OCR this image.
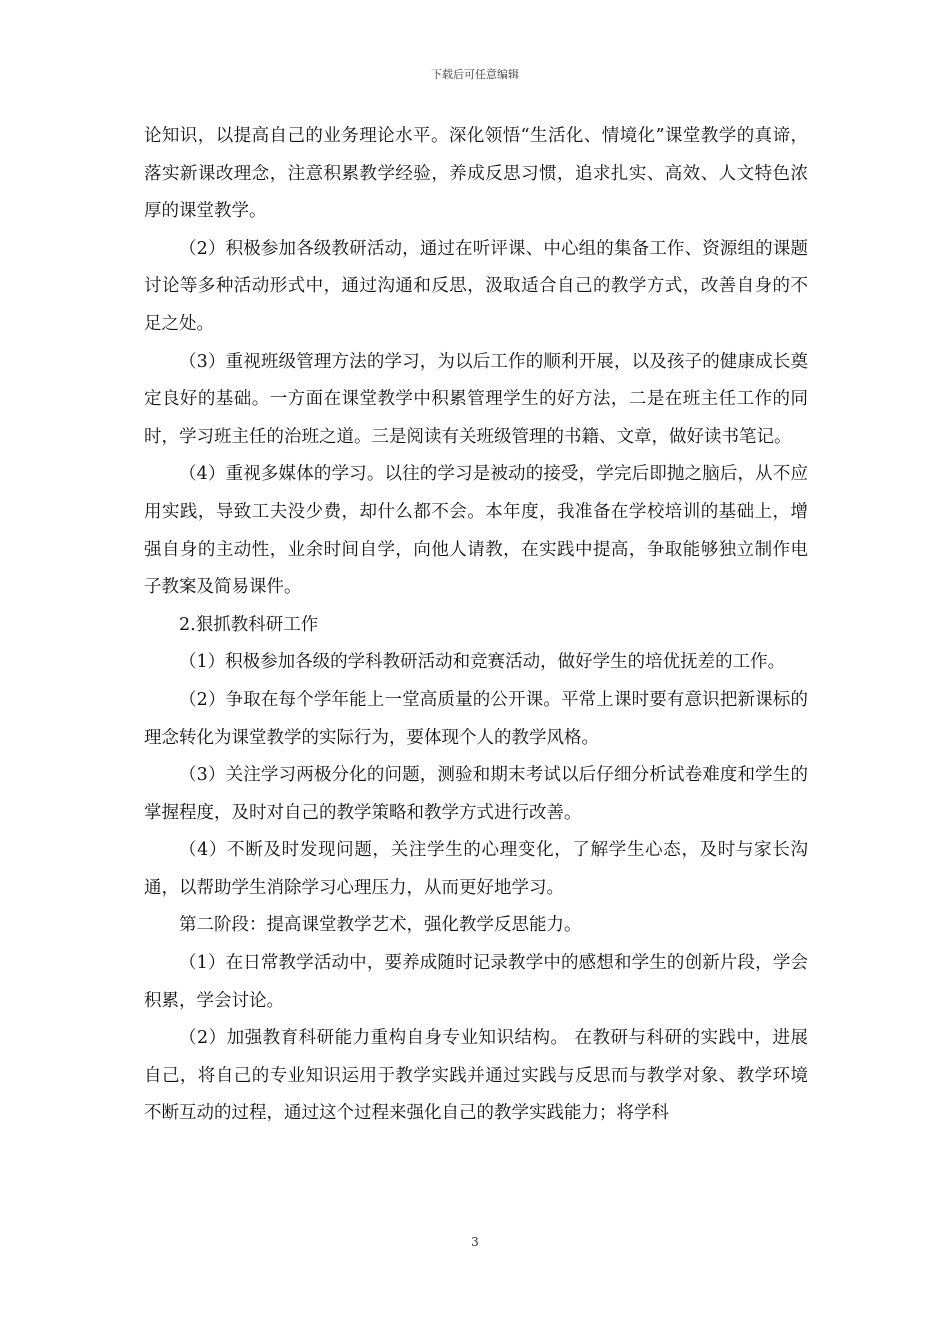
下载后可任意编辑

论知识，以提高自己的业务理论水平。深化领悟“生活化、情境化”课堂教学的真谛，落实新课改理念，注意积累教学经验，养成反思习惯，追求扎实、高效、人文特色浓厚的课堂教学。

（2）积极参加各级教研活动，通过在听评课、中心组的集备工作、资源组的课题讨论等多种活动形式中，通过沟通和反思，汲取适合自己的教学方式，改善自身的不足之处。

（3）重视班级管理方法的学习，为以后工作的顺利开展，以及孩子的健康成长奠定良好的基础。一方面在课堂教学中积累管理学生的好方法，二是在班主任工作的同时，学习班主任的治班之道。三是阅读有关班级管理的书籍、文章，做好读书笔记。

（4）重视多媒体的学习。以往的学习是被动的接受，学完后即抛之脑后，从不应用实践，导致工夫没少费，却什么都不会。本年度，我准备在学校培训的基础上，增强自身的主动性，业余时间自学，向他人请教，在实践中提高，争取能够独立制作电子教案及简易课件。

2.狠抓教科研工作

（1）积极参加各级的学科教研活动和竞赛活动，做好学生的培优抚差的工作。

（2）争取在每个学年能上一堂高质量的公开课。平常上课时要有意识把新课标的理念转化为课堂教学的实际行为，要体现个人的教学风格。

（3）关注学习两极分化的问题，测验和期末考试以后仔细分析试卷难度和学生的掌握程度，及时对自己的教学策略和教学方式进行改善。

（4）不断及时发现问题，关注学生的心理变化，了解学生心态，及时与家长沟通，以帮助学生消除学习心理压力，从而更好地学习。

第二阶段：提高课堂教学艺术，强化教学反思能力。

（1）在日常教学活动中，要养成随时记录教学中的感想和学生的创新片段，学会积累，学会讨论。

（2）加强教育科研能力重构自身专业知识结构。 在教研与科研的实践中，进展自己，将自己的专业知识运用于教学实践并通过实践与反思而与教学对象、教学环境不断互动的过程，通过这个过程来强化自己的教学实践能力；将学科

3
